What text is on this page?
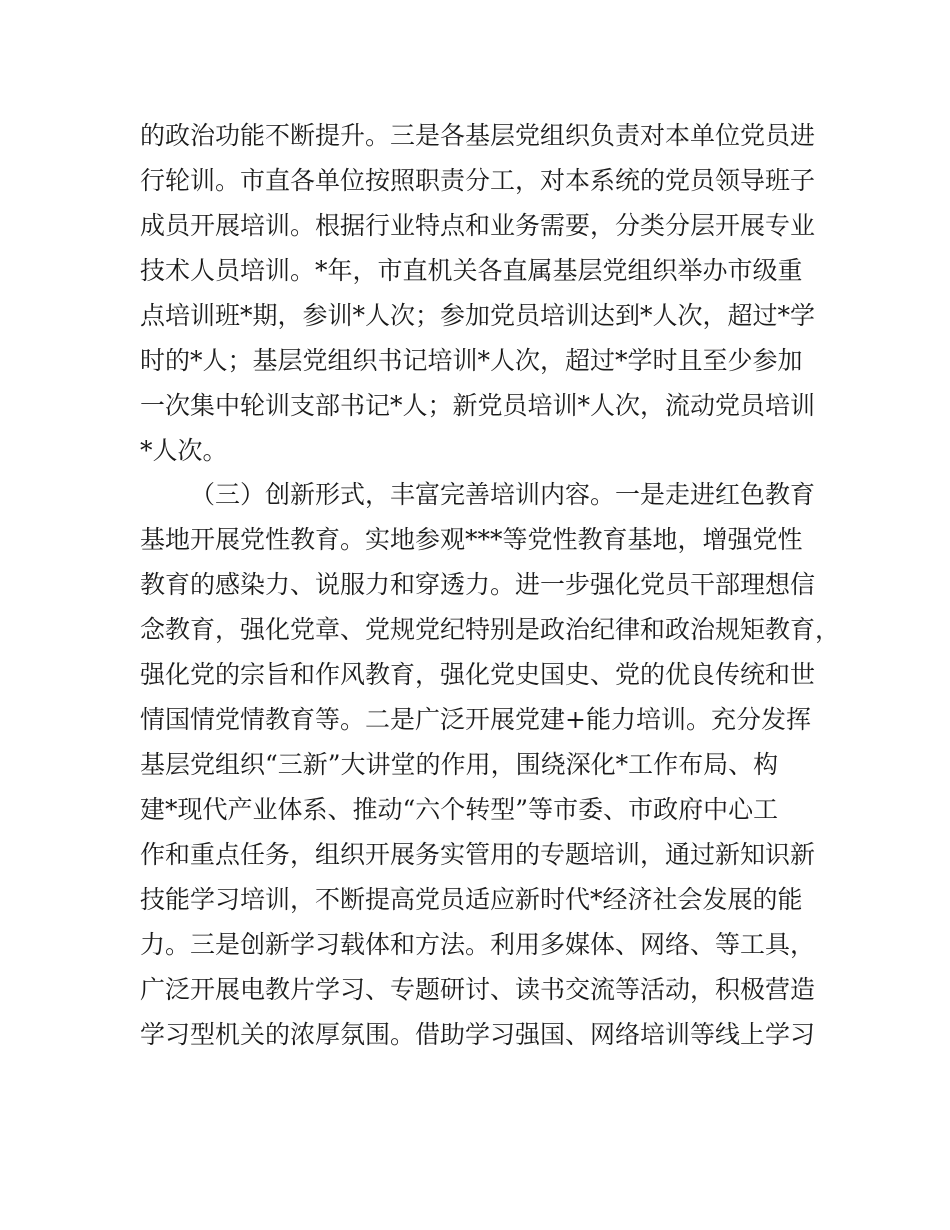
的政治功能不断提升。三是各基层党组织负责对本单位党员进
行轮训。市直各单位按照职责分工，对本系统的党员领导班子
成员开展培训。根据行业特点和业务需要，分类分层开展专业
技术人员培训。*年，市直机关各直属基层党组织举办市级重
点培训班*期，参训*人次；参加党员培训达到*人次，超过*学
时的*人；基层党组织书记培训*人次，超过*学时且至少参加
一次集中轮训支部书记*人；新党员培训*人次，流动党员培训
*人次。
（三）创新形式，丰富完善培训内容。一是走进红色教育
基地开展党性教育。实地参观***等党性教育基地，增强党性
教育的感染力、说服力和穿透力。进一步强化党员干部理想信
念教育，强化党章、党规党纪特别是政治纪律和政治规矩教育，
强化党的宗旨和作风教育，强化党史国史、党的优良传统和世
情国情党情教育等。二是广泛开展党建+能力培训。充分发挥
基层党组织“三新”大讲堂的作用，围绕深化*工作布局、构
建*现代产业体系、推动“六个转型”等市委、市政府中心工
作和重点任务，组织开展务实管用的专题培训，通过新知识新
技能学习培训，不断提高党员适应新时代*经济社会发展的能
力。三是创新学习载体和方法。利用多媒体、网络、等工具，
广泛开展电教片学习、专题研讨、读书交流等活动，积极营造
学习型机关的浓厚氛围。借助学习强国、网络培训等线上学习
